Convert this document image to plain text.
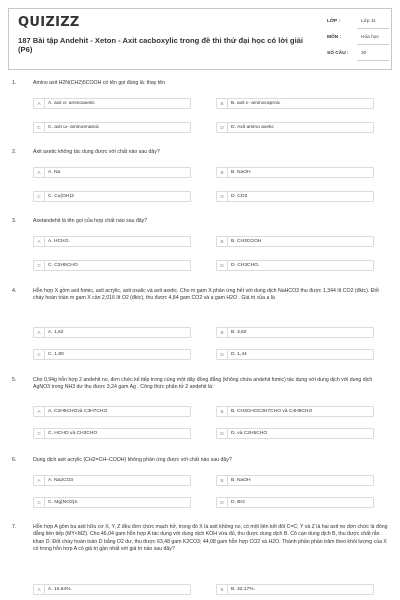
QUIZIZZ
187 Bài tập Andehit - Xeton - Axit cacboxylic trong đề thi thử đại học có lời giải (P6)
LỚP :	Lớp 11
MÔN :	Hóa học
SỐ CÂU :	30
1.	Amino axit H2N(CH2)5COOH có tên gọi đúng là: thay tên
A	A. axit α- aminoaxetic	B	B. axit ε- aminocaproic
C	C. axit ω- aminoenatoic	D	D. Axit amino axetic
2.	Axit axetic không tác dụng được với chất nào sau đây?
A	A. Na	B	B. NaOH
C	C. Cu(OH)2	D	D. CO2
3.	Axetandehit là tên gọi của hợp chất nào sau đây?
A	A. HCHO.	B	B. CH3COOH
C	C. C2H5CHO	D	D. CH3CHO.
4.	Hỗn hợp X gồm axit fomic, axit acrylic, axit oxalic và axit axetic. Cho m gam X phản ứng hết với dung dịch NaHCO3 thu được 1,344 lít CO2 (đktc). Đốt cháy hoàn toàn m gam X cần 2,016 lít O2 (đktc), thu được 4,84 gam CO2 và a gam H2O . Giá trị của a là
A	A. 1,62	B	B. 3,60
C	C. 1,80	D	D. 1,44
5.	Cho 0,94g hỗn hợp 2 andehit no, đơn chức kế tiếp trong cùng một dãy đồng đẳng (không chứa andehit fomic) tác dụng với dung dịch với dung dịch AgNO3 trong NH3 dư thu được 3,24 gam Ag . Công thức phân tử 2 andehit là:
A	A. C2H5CHOvà C3H7CHO	B	B. CH3CHOC3H7CHO và C4H9CHO
C	C. HCHO và CH3CHO	D	D. và C2H5CHO
6.	Dung dịch axit acrylic (CH2=CH–COOH) không phản ứng được với chất nào sau đây?
A	A. Na2CO3	B	B. NaOH
C	C. Mg(NO3)2.	D	D. Br2
7.	Hỗn hợp A gồm ba axit hữu cơ X, Y, Z đều đơn chức mạch hở, trong đó X là axit không no, có một liên kết đôi C=C; Y và Z là hai axit no đơn chức là đồng đẳng liên tiếp (MY<MZ). Cho 46,04 gam hỗn hợp A tác dụng với dung dịch KOH vừa đủ, thu được dung dịch B. Cô cạn dung dịch B, thu được chất rắn khan D. Đốt cháy hoàn toàn D bằng O2 dư, thu được 63,48 gam K2CO3; 44,08 gam hỗn hợp CO2 và H2O. Thành phần phần trăm theo khối lượng của X có trong hỗn hợp A có giá trị gần nhất với giá trị nào sau đây?
A	A. 15,64%.	B	B. 32,17%.
